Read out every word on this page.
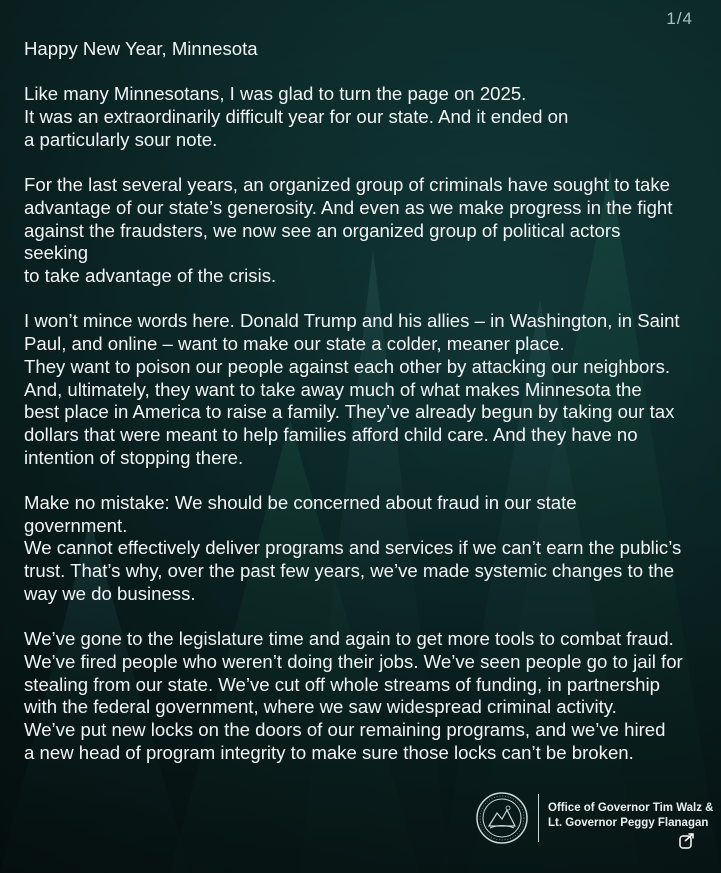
1/4
Happy New Year, Minnesota

Like many Minnesotans, I was glad to turn the page on 2025.
It was an extraordinarily difficult year for our state. And it ended on
a particularly sour note.

For the last several years, an organized group of criminals have sought to take
advantage of our state’s generosity. And even as we make progress in the fight
against the fraudsters, we now see an organized group of political actors seeking
to take advantage of the crisis.

I won’t mince words here. Donald Trump and his allies – in Washington, in Saint
Paul, and online – want to make our state a colder, meaner place.
They want to poison our people against each other by attacking our neighbors.
And, ultimately, they want to take away much of what makes Minnesota the
best place in America to raise a family. They’ve already begun by taking our tax
dollars that were meant to help families afford child care. And they have no
intention of stopping there.

Make no mistake: We should be concerned about fraud in our state government.
We cannot effectively deliver programs and services if we can’t earn the public’s
trust. That’s why, over the past few years, we’ve made systemic changes to the
way we do business.

We’ve gone to the legislature time and again to get more tools to combat fraud.
We’ve fired people who weren’t doing their jobs. We’ve seen people go to jail for
stealing from our state. We’ve cut off whole streams of funding, in partnership
with the federal government, where we saw widespread criminal activity.
We’ve put new locks on the doors of our remaining programs, and we’ve hired
a new head of program integrity to make sure those locks can’t be broken.

Office of Governor Tim Walz &
Lt. Governor Peggy Flanagan
